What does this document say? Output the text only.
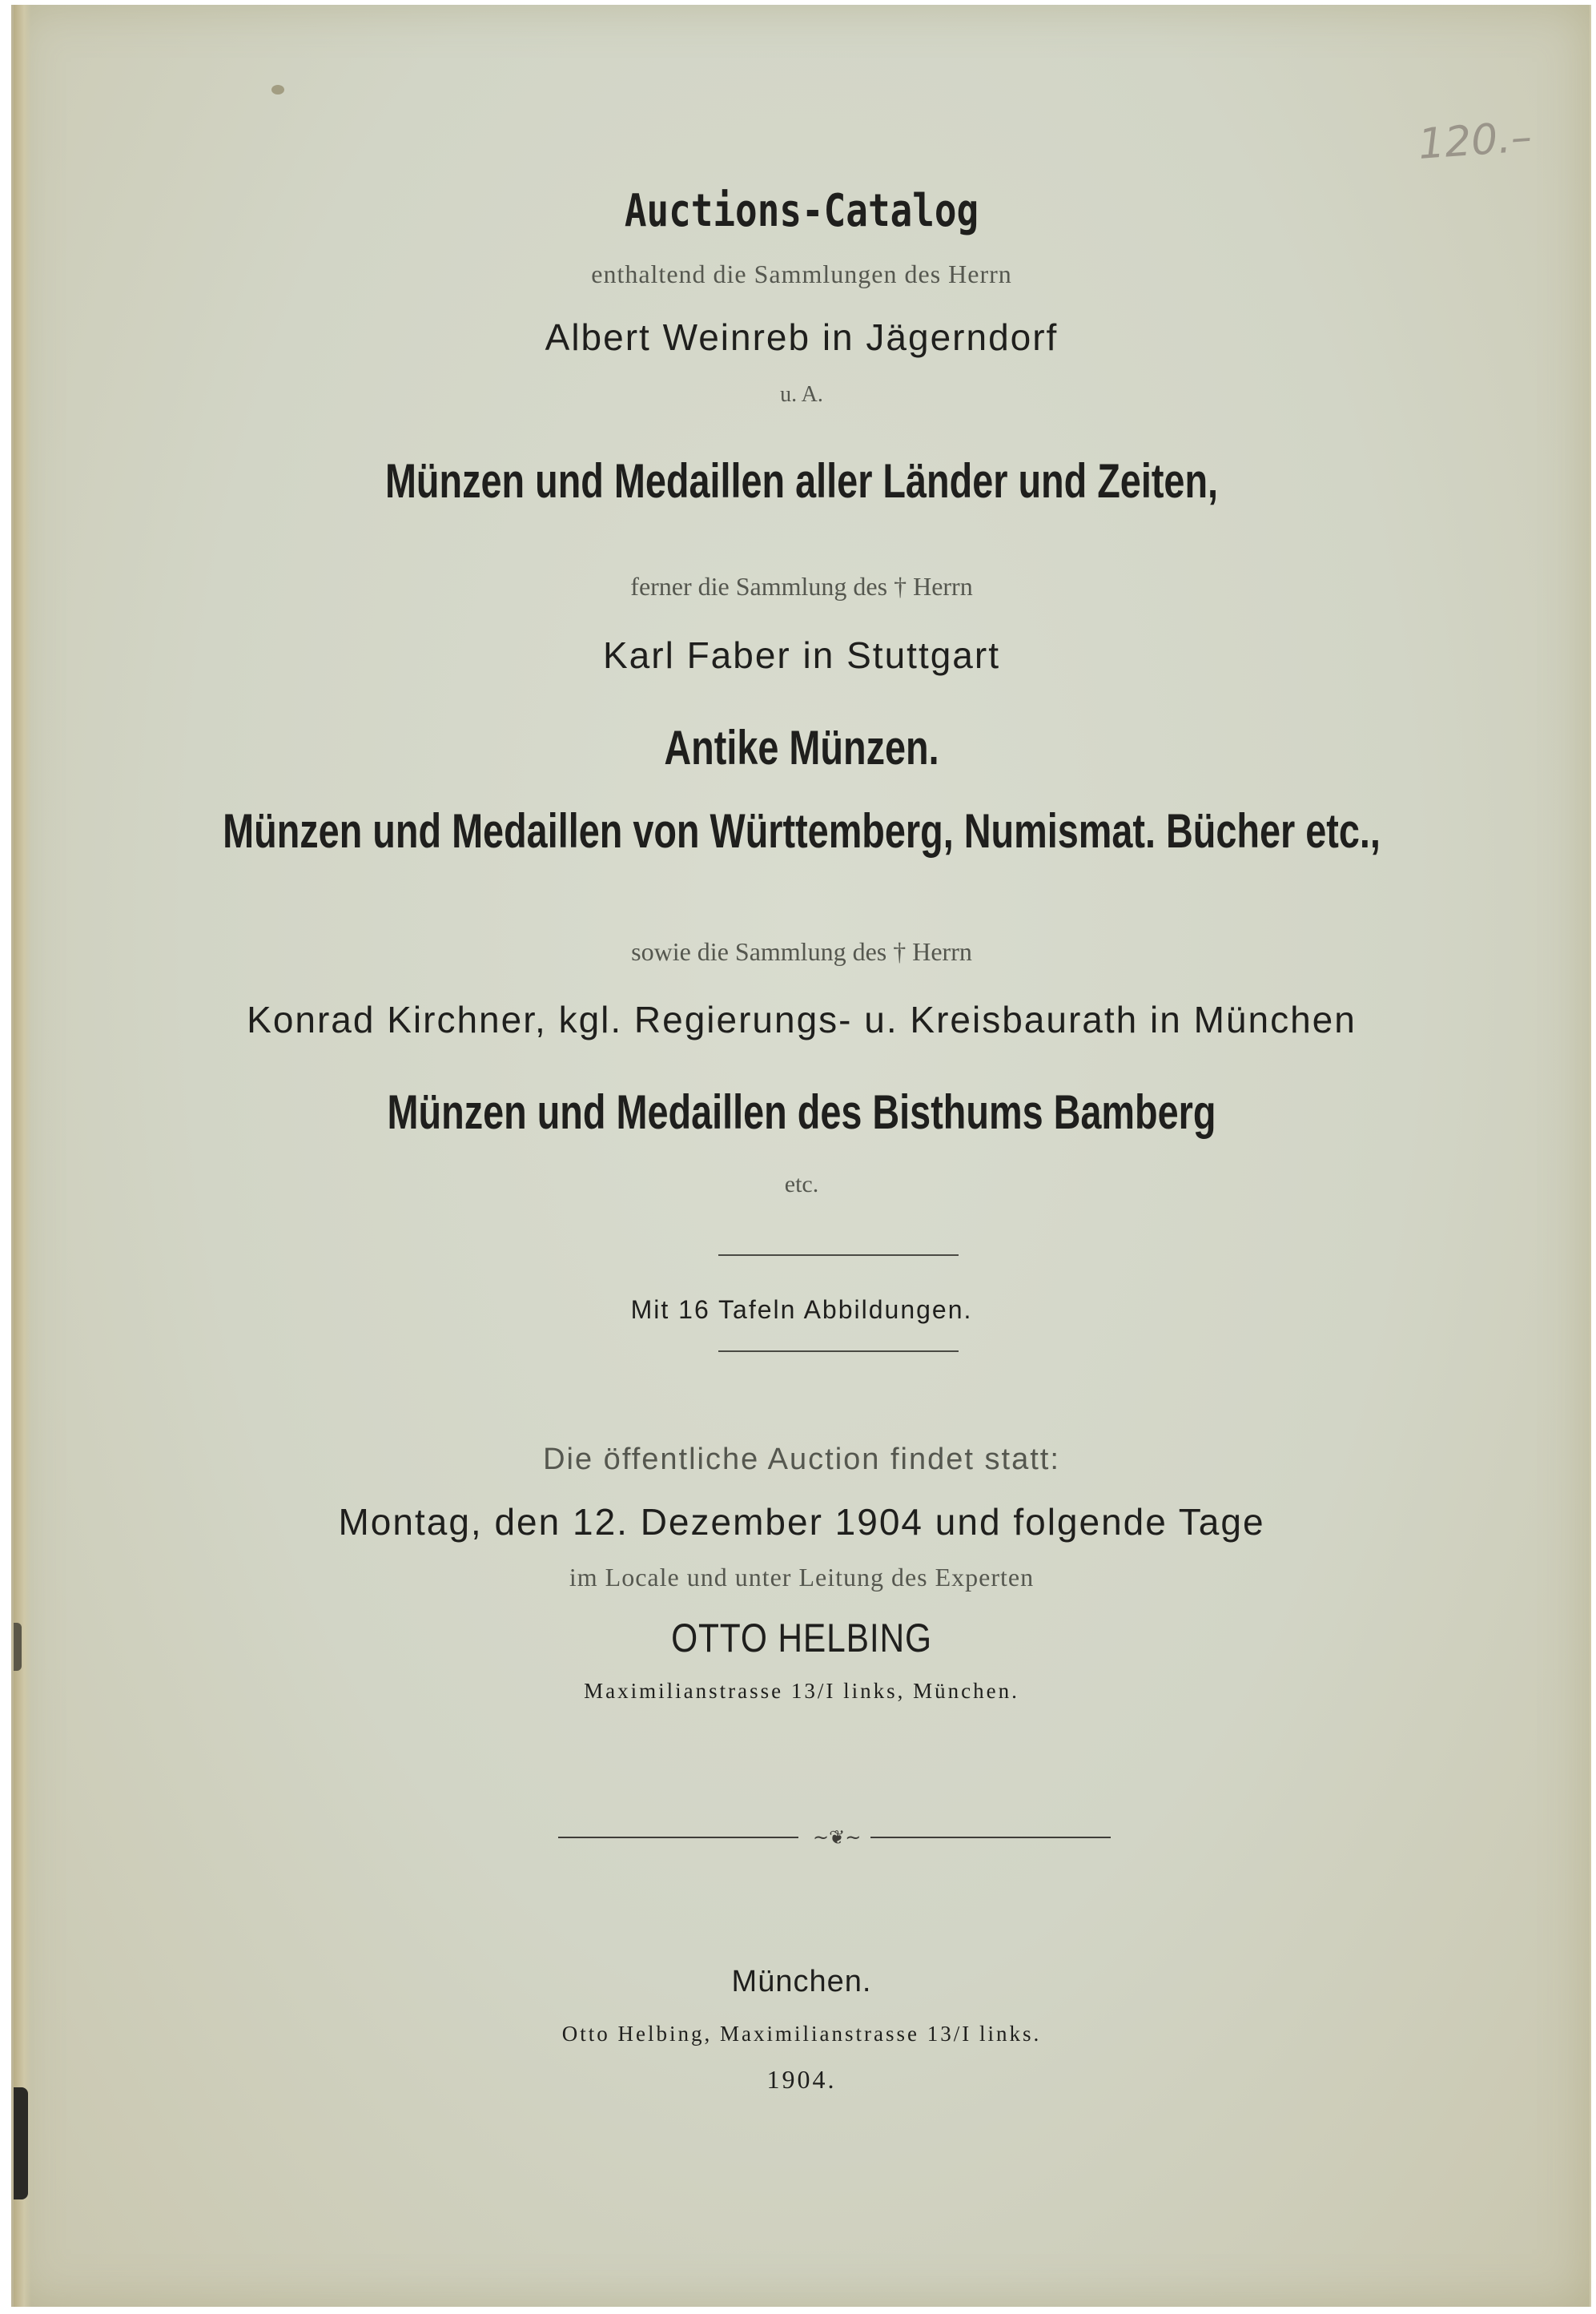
120.–
Auctions-Catalog
enthaltend die Sammlungen des Herrn
Albert Weinreb in Jägerndorf
u. A.
Münzen und Medaillen aller Länder und Zeiten,
ferner die Sammlung des † Herrn
Karl Faber in Stuttgart
Antike Münzen.
Münzen und Medaillen von Württemberg, Numismat. Bücher etc.,
sowie die Sammlung des † Herrn
Konrad Kirchner, kgl. Regierungs- u. Kreisbaurath in München
Münzen und Medaillen des Bisthums Bamberg
etc.
Mit 16 Tafeln Abbildungen.
Die öffentliche Auction findet statt:
Montag, den 12. Dezember 1904 und folgende Tage
im Locale und unter Leitung des Experten
OTTO HELBING
Maximilianstrasse 13/I links, München.
~❦~
München.
Otto Helbing, Maximilianstrasse 13/I links.
1904.
